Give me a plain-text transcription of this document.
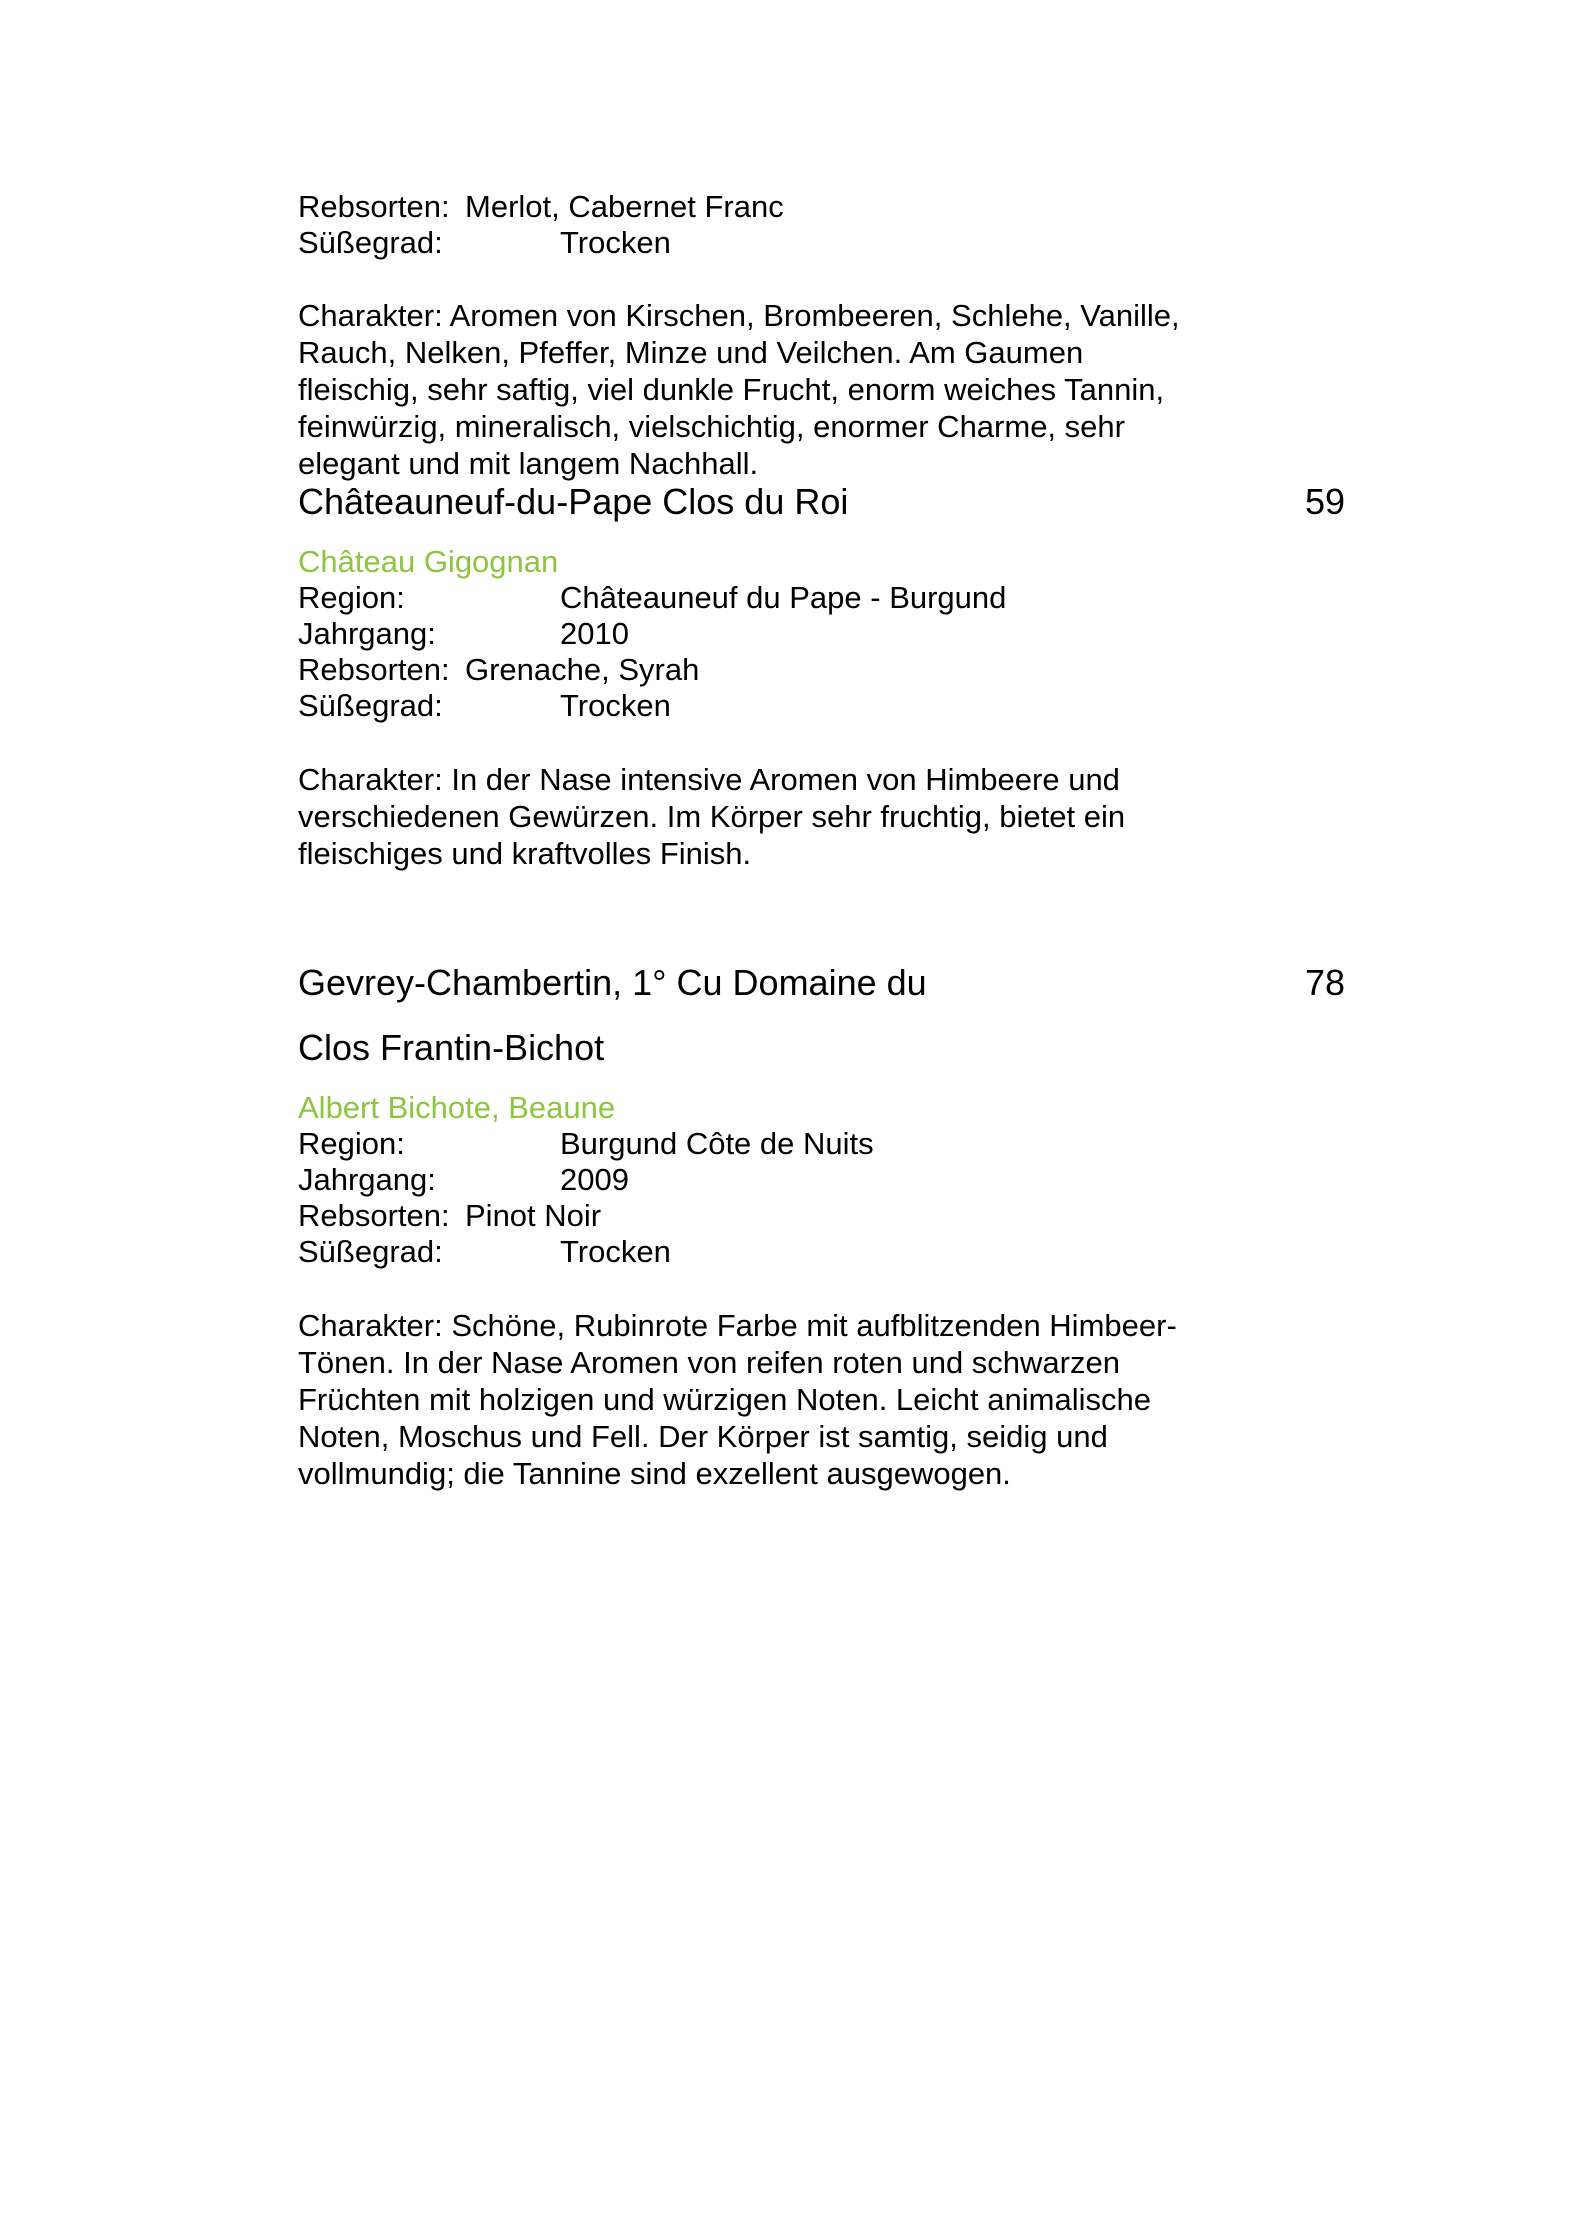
Rebsorten: Merlot, Cabernet Franc
Süßegrad:	Trocken
Charakter: Aromen von Kirschen, Brombeeren, Schlehe, Vanille,
Rauch, Nelken, Pfeffer, Minze und Veilchen. Am Gaumen
fleischig, sehr saftig, viel dunkle Frucht, enorm weiches Tannin,
feinwürzig, mineralisch, vielschichtig, enormer Charme, sehr
elegant und mit langem Nachhall.
Châteauneuf-du-Pape Clos du Roi	59
Château Gigognan
Region:	Châteauneuf du Pape - Burgund
Jahrgang:	2010
Rebsorten: Grenache, Syrah
Süßegrad:	Trocken
Charakter: In der Nase intensive Aromen von Himbeere und
verschiedenen Gewürzen. Im Körper sehr fruchtig, bietet ein
fleischiges und kraftvolles Finish.
Gevrey-Chambertin, 1° Cu Domaine du	78
Clos Frantin-Bichot
Albert Bichote, Beaune
Region:	Burgund Côte de Nuits
Jahrgang:	2009
Rebsorten: Pinot Noir
Süßegrad:	Trocken
Charakter: Schöne, Rubinrote Farbe mit aufblitzenden Himbeer-
Tönen. In der Nase Aromen von reifen roten und schwarzen
Früchten mit holzigen und würzigen Noten. Leicht animalische
Noten, Moschus und Fell. Der Körper ist samtig, seidig und
vollmundig; die Tannine sind exzellent ausgewogen.
